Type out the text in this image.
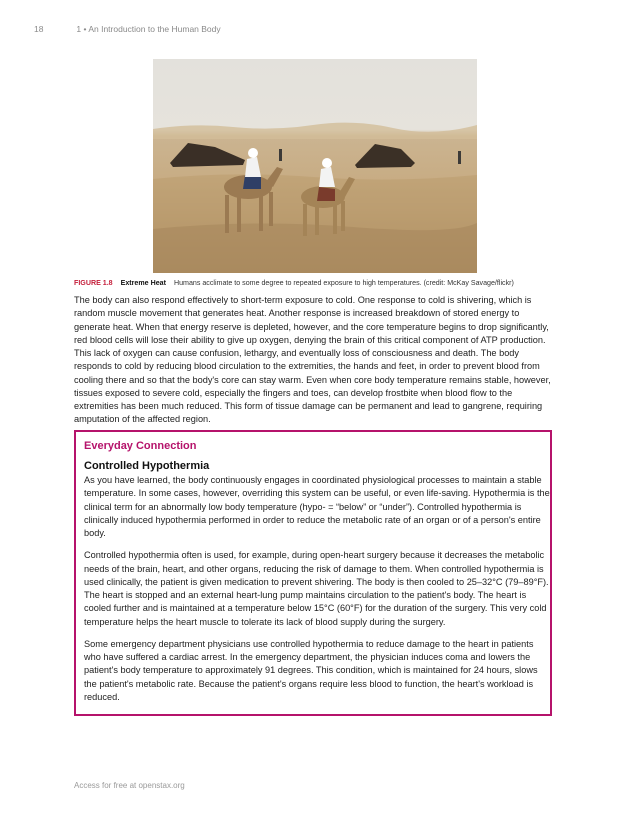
18	1 • An Introduction to the Human Body
FIGURE 1.8 Extreme Heat Humans acclimate to some degree to repeated exposure to high temperatures. (credit: McKay Savage/flickr)

The body can also respond effectively to short-term exposure to cold. One response to cold is shivering, which is random muscle movement that generates heat. Another response is increased breakdown of stored energy to generate heat. When that energy reserve is depleted, however, and the core temperature begins to drop significantly, red blood cells will lose their ability to give up oxygen, denying the brain of this critical component of ATP production. This lack of oxygen can cause confusion, lethargy, and eventually loss of consciousness and death. The body responds to cold by reducing blood circulation to the extremities, the hands and feet, in order to prevent blood from cooling there and so that the body's core can stay warm. Even when core body temperature remains stable, however, tissues exposed to severe cold, especially the fingers and toes, can develop frostbite when blood flow to the extremities has been much reduced. This form of tissue damage can be permanent and lead to gangrene, requiring amputation of the affected region.

Everyday Connection
Controlled Hypothermia

As you have learned, the body continuously engages in coordinated physiological processes to maintain a stable temperature. In some cases, however, overriding this system can be useful, or even life-saving. Hypothermia is the clinical term for an abnormally low body temperature (hypo- = “below” or “under”). Controlled hypothermia is clinically induced hypothermia performed in order to reduce the metabolic rate of an organ or of a person's entire body.

Controlled hypothermia often is used, for example, during open-heart surgery because it decreases the metabolic needs of the brain, heart, and other organs, reducing the risk of damage to them. When controlled hypothermia is used clinically, the patient is given medication to prevent shivering. The body is then cooled to 25–32°C (79–89°F). The heart is stopped and an external heart-lung pump maintains circulation to the patient's body. The heart is cooled further and is maintained at a temperature below 15°C (60°F) for the duration of the surgery. This very cold temperature helps the heart muscle to tolerate its lack of blood supply during the surgery.

Some emergency department physicians use controlled hypothermia to reduce damage to the heart in patients who have suffered a cardiac arrest. In the emergency department, the physician induces coma and lowers the patient's body temperature to approximately 91 degrees. This condition, which is maintained for 24 hours, slows the patient's metabolic rate. Because the patient's organs require less blood to function, the heart's workload is reduced.

Access for free at openstax.org
